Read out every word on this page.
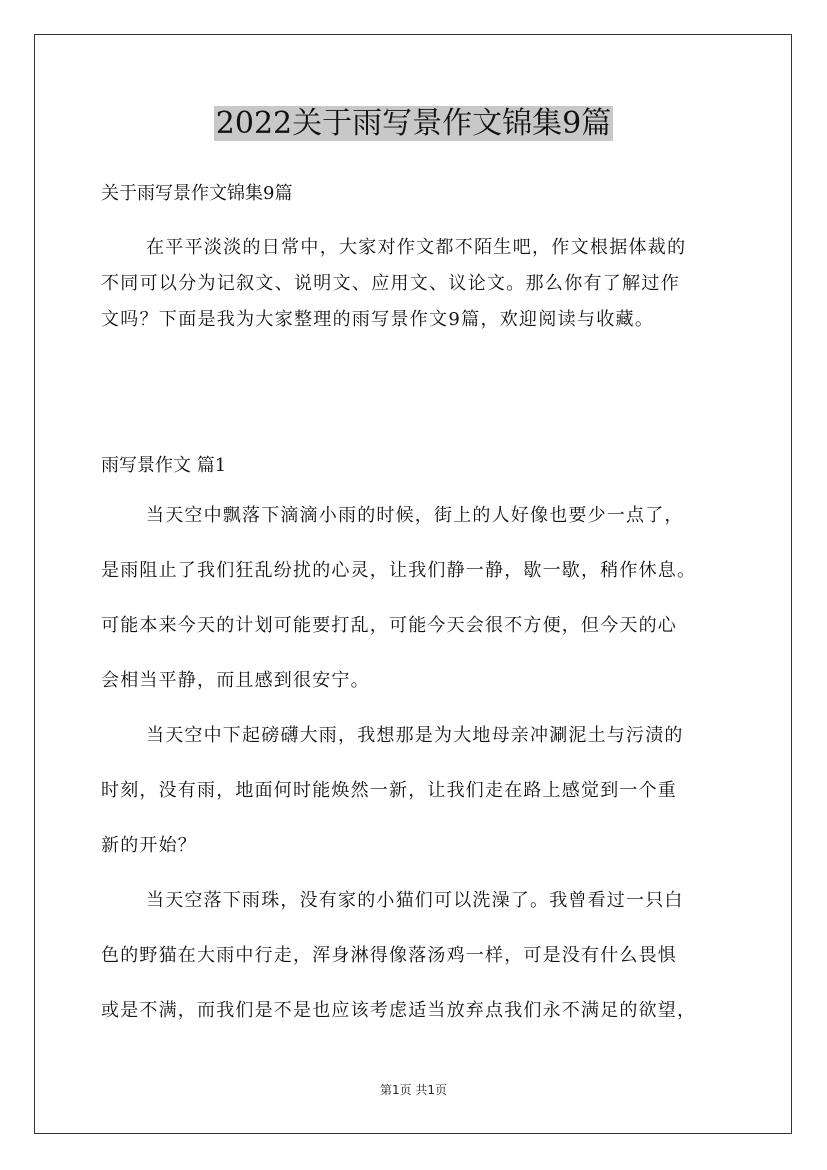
2022关于雨写景作文锦集9篇
关于雨写景作文锦集9篇
在平平淡淡的日常中，大家对作文都不陌生吧，作文根据体裁的
不同可以分为记叙文、说明文、应用文、议论文。那么你有了解过作
文吗？下面是我为大家整理的雨写景作文9篇，欢迎阅读与收藏。
雨写景作文 篇1
当天空中飘落下滴滴小雨的时候，街上的人好像也要少一点了，
是雨阻止了我们狂乱纷扰的心灵，让我们静一静，歇一歇，稍作休息。
可能本来今天的计划可能要打乱，可能今天会很不方便，但今天的心
会相当平静，而且感到很安宁。
当天空中下起磅礴大雨，我想那是为大地母亲冲涮泥土与污渍的
时刻，没有雨，地面何时能焕然一新，让我们走在路上感觉到一个重
新的开始？
当天空落下雨珠，没有家的小猫们可以洗澡了。我曾看过一只白
色的野猫在大雨中行走，浑身淋得像落汤鸡一样，可是没有什么畏惧
或是不满，而我们是不是也应该考虑适当放弃点我们永不满足的欲望，
第1页 共1页
